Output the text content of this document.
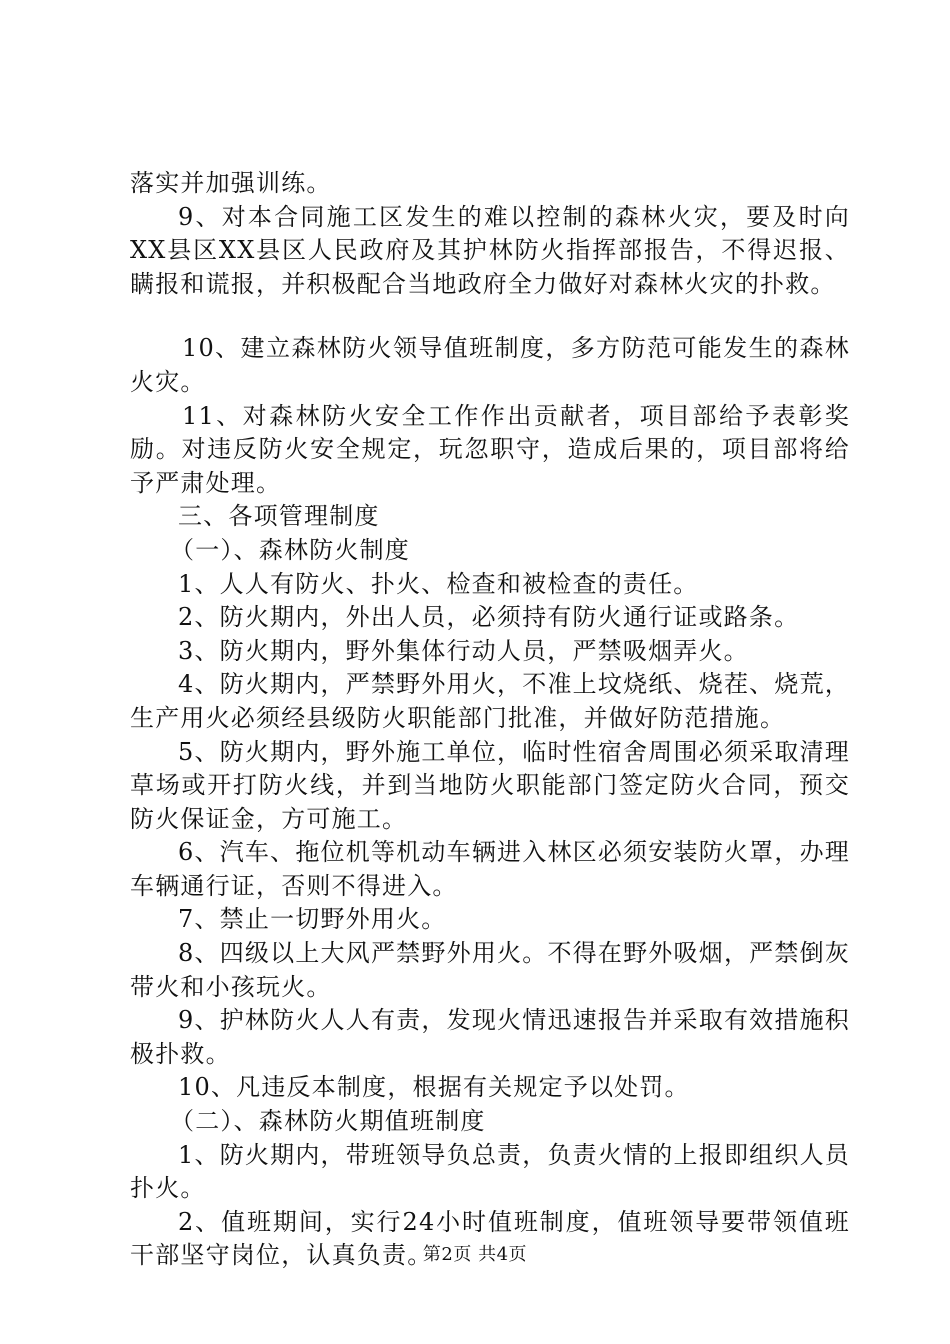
落实并加强训练。

9、对本合同施工区发生的难以控制的森林火灾，要及时向XX县区XX县区人民政府及其护林防火指挥部报告，不得迟报、瞒报和谎报，并积极配合当地政府全力做好对森林火灾的扑救。

10、建立森林防火领导值班制度，多方防范可能发生的森林火灾。

11、对森林防火安全工作作出贡献者，项目部给予表彰奖励。对违反防火安全规定，玩忽职守，造成后果的，项目部将给予严肃处理。

三、各项管理制度

（一）、森林防火制度

1、人人有防火、扑火、检查和被检查的责任。

2、防火期内，外出人员，必须持有防火通行证或路条。

3、防火期内，野外集体行动人员，严禁吸烟弄火。

4、防火期内，严禁野外用火，不准上坟烧纸、烧茬、烧荒，生产用火必须经县级防火职能部门批准，并做好防范措施。

5、防火期内，野外施工单位，临时性宿舍周围必须采取清理草场或开打防火线，并到当地防火职能部门签定防火合同，预交防火保证金，方可施工。

6、汽车、拖位机等机动车辆进入林区必须安装防火罩，办理车辆通行证，否则不得进入。

7、禁止一切野外用火。

8、四级以上大风严禁野外用火。不得在野外吸烟，严禁倒灰带火和小孩玩火。

9、护林防火人人有责，发现火情迅速报告并采取有效措施积极扑救。

10、凡违反本制度，根据有关规定予以处罚。

（二）、森林防火期值班制度

1、防火期内，带班领导负总责，负责火情的上报即组织人员扑火。

2、值班期间，实行24小时值班制度，值班领导要带领值班干部坚守岗位，认真负责。

第2页 共4页
